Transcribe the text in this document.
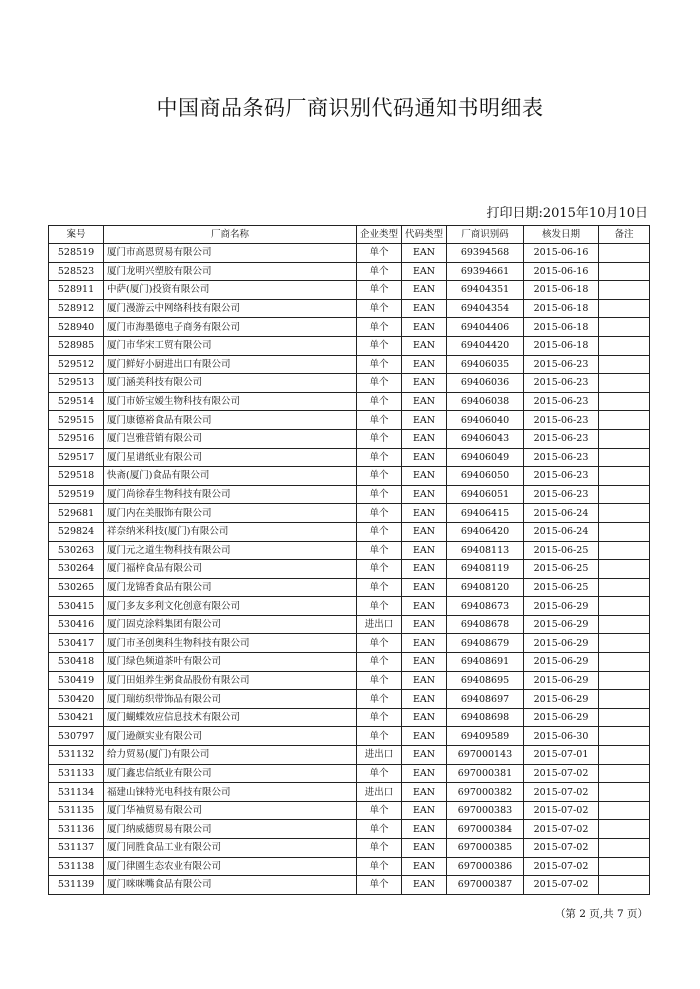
中国商品条码厂商识别代码通知书明细表
打印日期:2015年10月10日
案号	厂商名称	企业类型	代码类型	厂商识别码	核发日期	备注
528519	厦门市高恩贸易有限公司	单个	EAN	69394568	2015-06-16	
528523	厦门龙明兴塑胶有限公司	单个	EAN	69394661	2015-06-16	
528911	中萨(厦门)投资有限公司	单个	EAN	69404351	2015-06-18	
528912	厦门漫游云中网络科技有限公司	单个	EAN	69404354	2015-06-18	
528940	厦门市海墨德电子商务有限公司	单个	EAN	69404406	2015-06-18	
528985	厦门市华宋工贸有限公司	单个	EAN	69404420	2015-06-18	
529512	厦门鲜好小厨进出口有限公司	单个	EAN	69406035	2015-06-23	
529513	厦门涵美科技有限公司	单个	EAN	69406036	2015-06-23	
529514	厦门市娇宝嫒生物科技有限公司	单个	EAN	69406038	2015-06-23	
529515	厦门康德裕食品有限公司	单个	EAN	69406040	2015-06-23	
529516	厦门岂雅营销有限公司	单个	EAN	69406043	2015-06-23	
529517	厦门星谱纸业有限公司	单个	EAN	69406049	2015-06-23	
529518	快斋(厦门)食品有限公司	单个	EAN	69406050	2015-06-23	
529519	厦门尚徐春生物科技有限公司	单个	EAN	69406051	2015-06-23	
529681	厦门内在美服饰有限公司	单个	EAN	69406415	2015-06-24	
529824	祥奈纳米科技(厦门)有限公司	单个	EAN	69406420	2015-06-24	
530263	厦门元之道生物科技有限公司	单个	EAN	69408113	2015-06-25	
530264	厦门福梓食品有限公司	单个	EAN	69408119	2015-06-25	
530265	厦门龙锦香食品有限公司	单个	EAN	69408120	2015-06-25	
530415	厦门多友多利文化创意有限公司	单个	EAN	69408673	2015-06-29	
530416	厦门固克涂料集团有限公司	进出口	EAN	69408678	2015-06-29	
530417	厦门市圣创奥科生物科技有限公司	单个	EAN	69408679	2015-06-29	
530418	厦门绿色频道茶叶有限公司	单个	EAN	69408691	2015-06-29	
530419	厦门田姐养生粥食品股份有限公司	单个	EAN	69408695	2015-06-29	
530420	厦门瑞纺织带饰品有限公司	单个	EAN	69408697	2015-06-29	
530421	厦门蝴蝶效应信息技术有限公司	单个	EAN	69408698	2015-06-29	
530797	厦门逊颜实业有限公司	单个	EAN	69409589	2015-06-30	
531132	给力贸易(厦门)有限公司	进出口	EAN	697000143	2015-07-01	
531133	厦门鑫忠信纸业有限公司	单个	EAN	697000381	2015-07-02	
531134	福建山铼特光电科技有限公司	进出口	EAN	697000382	2015-07-02	
531135	厦门华袖贸易有限公司	单个	EAN	697000383	2015-07-02	
531136	厦门纳威德贸易有限公司	单个	EAN	697000384	2015-07-02	
531137	厦门同胜食品工业有限公司	单个	EAN	697000385	2015-07-02	
531138	厦门律園生态农业有限公司	单个	EAN	697000386	2015-07-02	
531139	厦门咪咪嘴食品有限公司	单个	EAN	697000387	2015-07-02	
（第 2 页,共 7 页）
